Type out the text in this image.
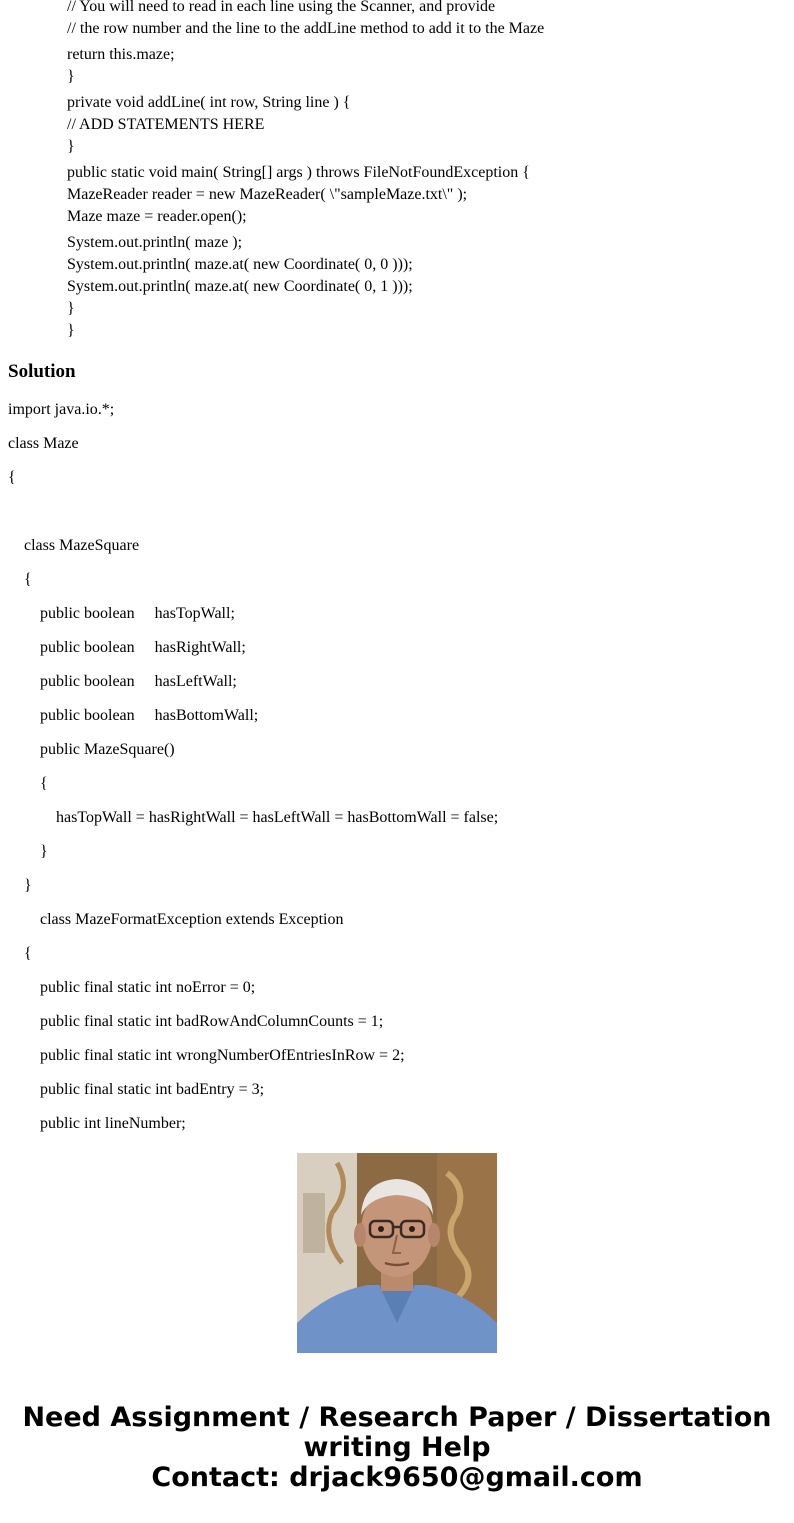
// You will need to read in each line using the Scanner, and provide
// the row number and the line to the addLine method to add it to the Maze
return this.maze;
}
private void addLine( int row, String line ) {
// ADD STATEMENTS HERE
}
public static void main( String[] args ) throws FileNotFoundException {
MazeReader reader = new MazeReader( \"sampleMaze.txt\" );
Maze maze = reader.open();
System.out.println( maze );
System.out.println( maze.at( new Coordinate( 0, 0 )));
System.out.println( maze.at( new Coordinate( 0, 1 )));
}
}
Solution
import java.io.*;
class Maze
{
class MazeSquare
{
public boolean     hasTopWall;
public boolean     hasRightWall;
public boolean     hasLeftWall;
public boolean     hasBottomWall;
public MazeSquare()
{
hasTopWall = hasRightWall = hasLeftWall = hasBottomWall = false;
}
}
class MazeFormatException extends Exception
{
public final static int noError = 0;
public final static int badRowAndColumnCounts = 1;
public final static int wrongNumberOfEntriesInRow = 2;
public final static int badEntry = 3;
public int lineNumber;
Need Assignment / Research Paper / Dissertation
writing Help
Contact: drjack9650@gmail.com
